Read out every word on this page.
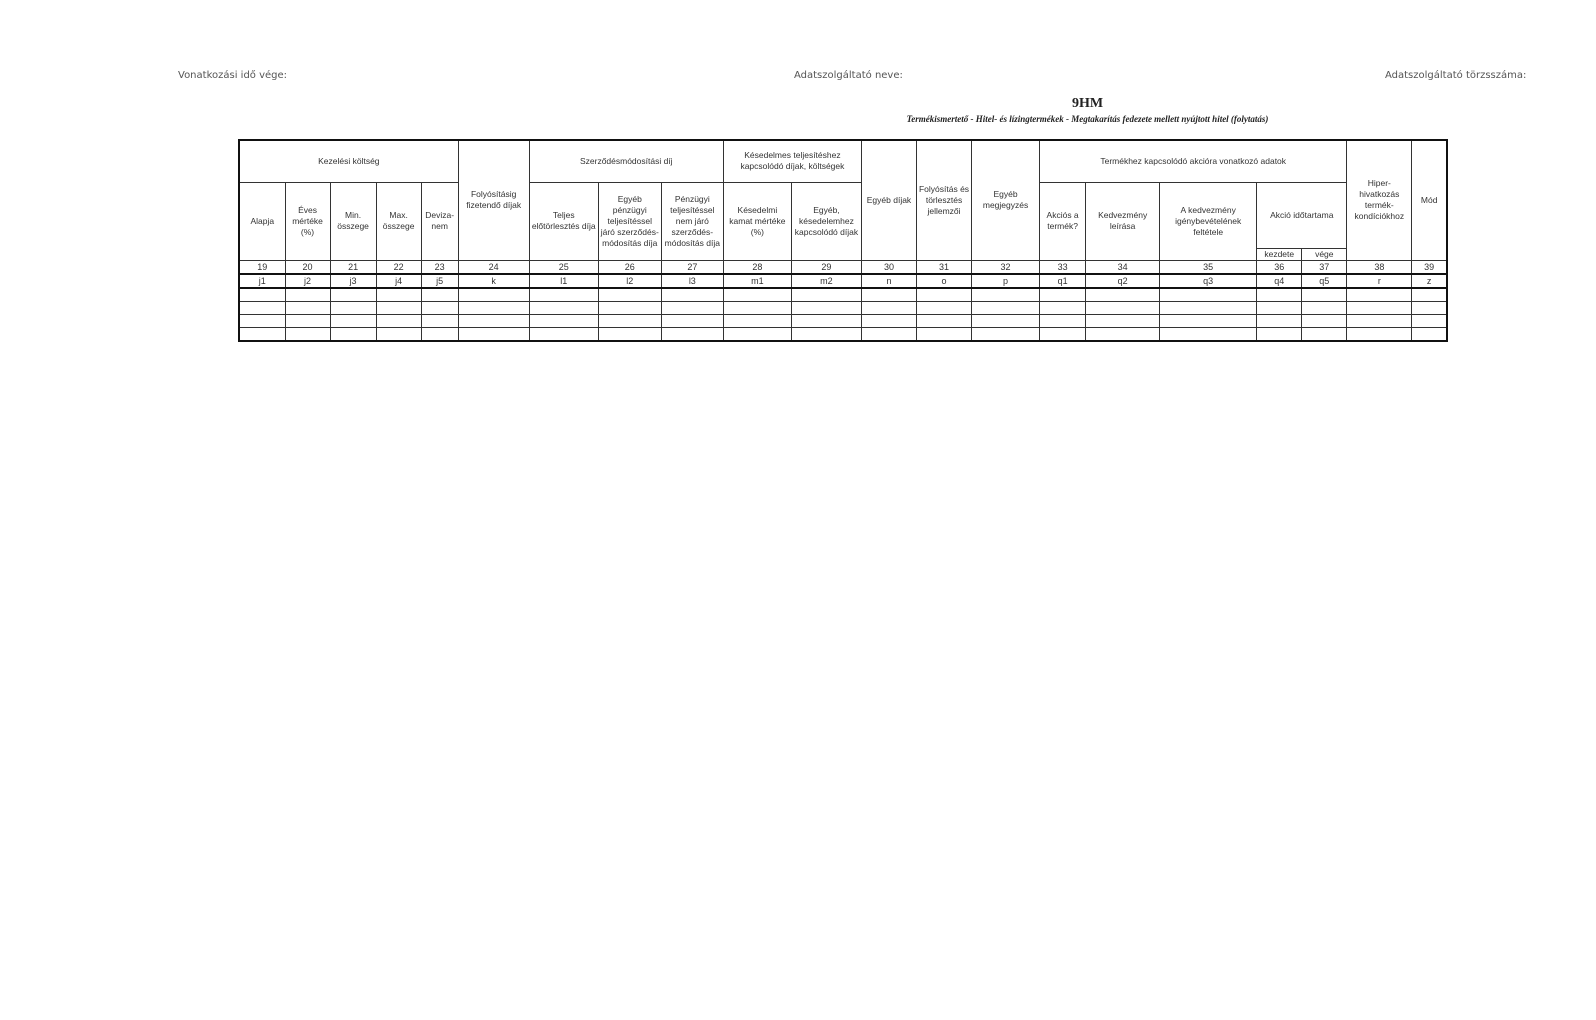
Vonatkozási idő vége:	Adatszolgáltató neve:	Adatszolgáltató törzsszáma:
9HM
Termékismertető - Hitel- és lízingtermékek - Megtakarítás fedezete mellett nyújtott hitel (folytatás)
Kezelési költség					Folyósításig fizetendő díjak	Szerződésmódosítási díj			Késedelmes teljesítéshez kapcsolódó díjak, költségek		Egyéb díjak	Folyósítás és törlesztés jellemzői	Egyéb megjegyzés	Termékhez kapcsolódó akcióra vonatkozó adatok					Hiper-hivatkozás termék-kondíciókhoz	Mód
Alapja	Éves mértéke (%)	Min. összege	Max. összege	Deviza-nem		Teljes előtörlesztés díja	Egyéb pénzügyi teljesítéssel járó szerződés-módosítás díja	Pénzügyi teljesítéssel nem járó szerződés-módosítás díja	Késedelmi kamat mértéke (%)	Egyéb, késedelemhez kapcsolódó díjak				Akciós a termék?	Kedvezmény leírása	A kedvezmény igénybevételének feltétele	Akció időtartama			
																	kezdete	vége		
19	20	21	22	23	24	25	26	27	28	29	30	31	32	33	34	35	36	37	38	39
j1	j2	j3	j4	j5	k	l1	l2	l3	m1	m2	n	o	p	q1	q2	q3	q4	q5	r	z
